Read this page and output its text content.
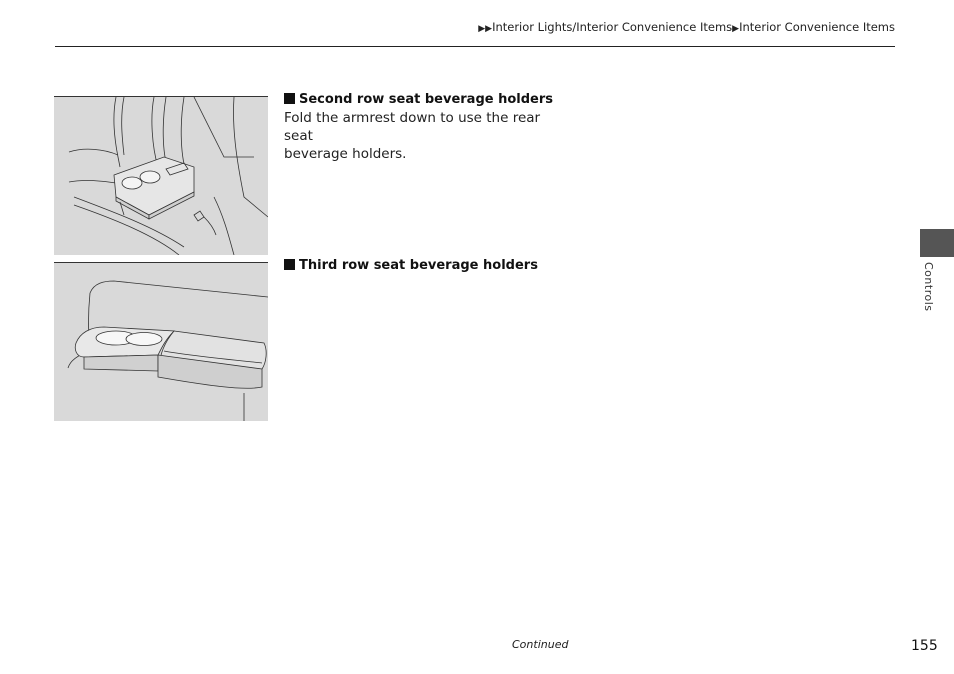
▶▶Interior Lights/Interior Convenience Items▶Interior Convenience Items

Second row seat beverage holders

Fold the armrest down to use the rear seat

beverage holders.

Third row seat beverage holders	Controls
Continued	155
